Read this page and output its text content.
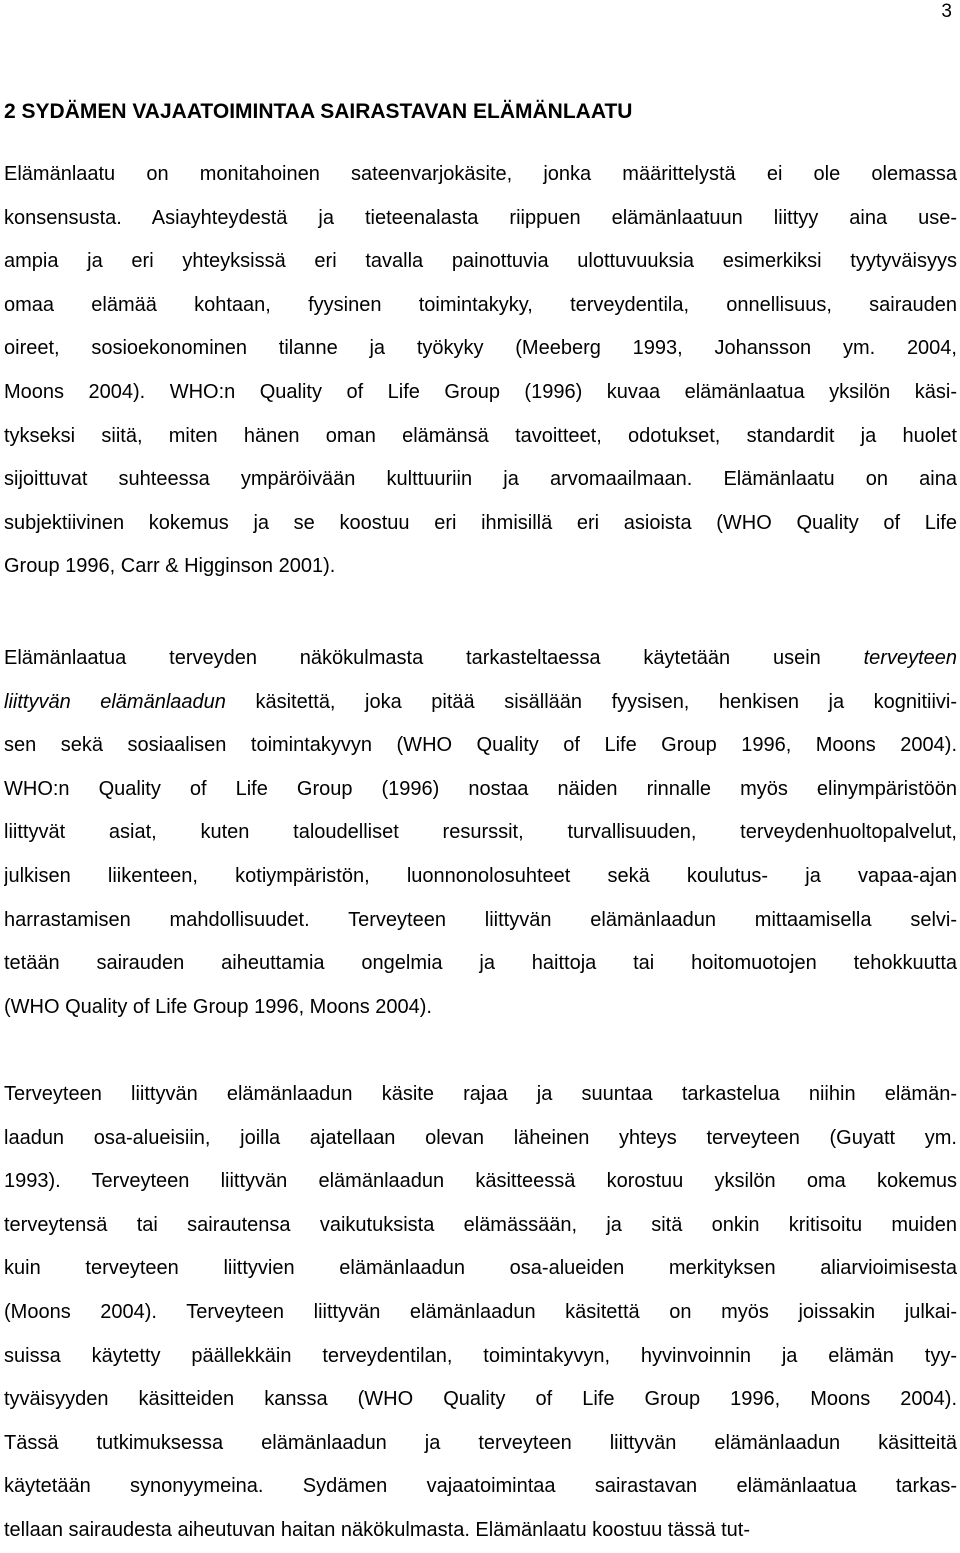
3
2 SYDÄMEN VAJAATOIMINTAA SAIRASTAVAN ELÄMÄNLAATU
Elämänlaatu on monitahoinen sateenvarjokäsite, jonka määrittelystä ei ole olemassa
konsensusta. Asiayhteydestä ja tieteenalasta riippuen elämänlaatuun liittyy aina use-
ampia ja eri yhteyksissä eri tavalla painottuvia ulottuvuuksia esimerkiksi tyytyväisyys
omaa elämää kohtaan, fyysinen toimintakyky, terveydentila, onnellisuus, sairauden
oireet, sosioekonominen tilanne ja työkyky (Meeberg 1993, Johansson ym. 2004,
Moons 2004). WHO:n Quality of Life Group (1996) kuvaa elämänlaatua yksilön käsi-
tykseksi siitä, miten hänen oman elämänsä tavoitteet, odotukset, standardit ja huolet
sijoittuvat suhteessa ympäröivään kulttuuriin ja arvomaailmaan. Elämänlaatu on aina
subjektiivinen kokemus ja se koostuu eri ihmisillä eri asioista (WHO Quality of Life
Group 1996, Carr & Higginson 2001).
Elämänlaatua terveyden näkökulmasta tarkasteltaessa käytetään usein terveyteen
liittyvän elämänlaadun käsitettä, joka pitää sisällään fyysisen, henkisen ja kognitiivi-
sen sekä sosiaalisen toimintakyvyn (WHO Quality of Life Group 1996, Moons 2004).
WHO:n Quality of Life Group (1996) nostaa näiden rinnalle myös elinympäristöön
liittyvät asiat, kuten taloudelliset resurssit, turvallisuuden, terveydenhuoltopalvelut,
julkisen liikenteen, kotiympäristön, luonnonolosuhteet sekä koulutus- ja vapaa-ajan
harrastamisen mahdollisuudet. Terveyteen liittyvän elämänlaadun mittaamisella selvi-
tetään sairauden aiheuttamia ongelmia ja haittoja tai hoitomuotojen tehokkuutta
(WHO Quality of Life Group 1996, Moons 2004).
Terveyteen liittyvän elämänlaadun käsite rajaa ja suuntaa tarkastelua niihin elämän-
laadun osa-alueisiin, joilla ajatellaan olevan läheinen yhteys terveyteen (Guyatt ym.
1993). Terveyteen liittyvän elämänlaadun käsitteessä korostuu yksilön oma kokemus
terveytensä tai sairautensa vaikutuksista elämässään, ja sitä onkin kritisoitu muiden
kuin terveyteen liittyvien elämänlaadun osa-alueiden merkityksen aliarvioimisesta
(Moons 2004). Terveyteen liittyvän elämänlaadun käsitettä on myös joissakin julkai-
suissa käytetty päällekkäin terveydentilan, toimintakyvyn, hyvinvoinnin ja elämän tyy-
tyväisyyden käsitteiden kanssa (WHO Quality of Life Group 1996, Moons 2004).
Tässä tutkimuksessa elämänlaadun ja terveyteen liittyvän elämänlaadun käsitteitä
käytetään synonyymeina. Sydämen vajaatoimintaa sairastavan elämänlaatua tarkas-
tellaan sairaudesta aiheutuvan haitan näkökulmasta. Elämänlaatu koostuu tässä tut-
